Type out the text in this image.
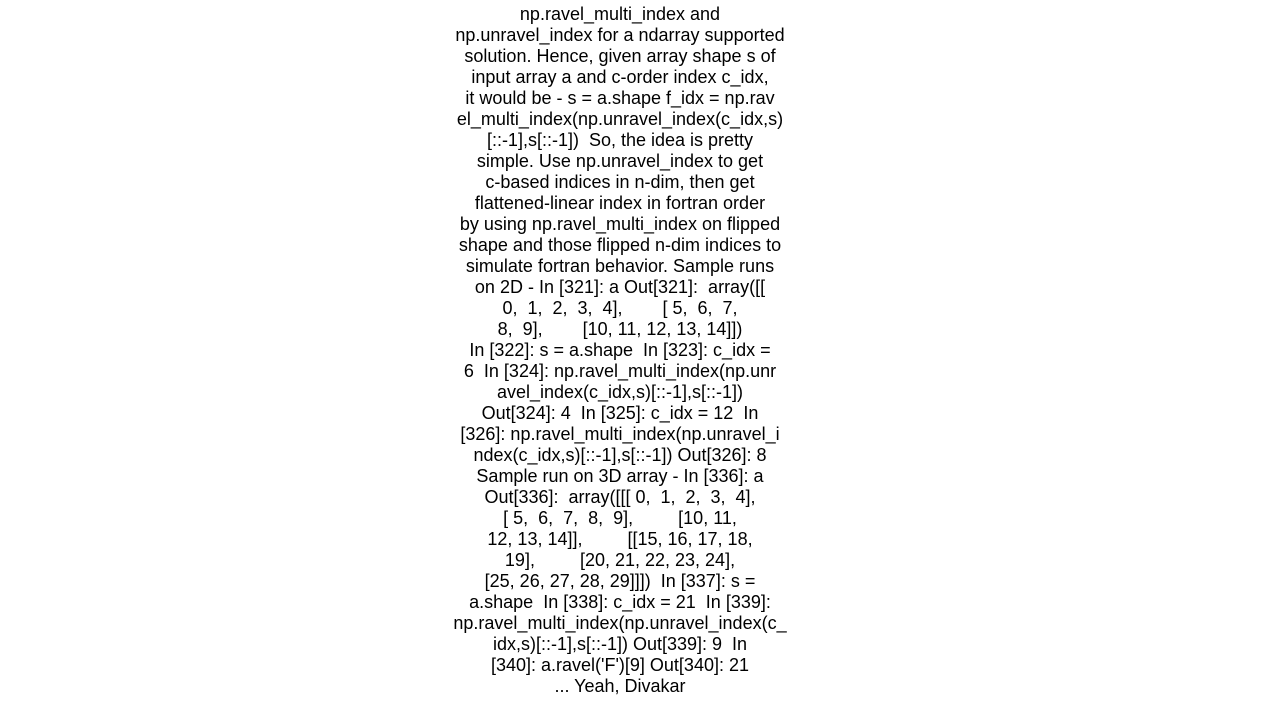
np.ravel_multi_index and
np.unravel_index for a ndarray supported
solution. Hence, given array shape s of
input array a and c-order index c_idx,
it would be - s = a.shape f_idx = np.rav
el_multi_index(np.unravel_index(c_idx,s)
[::-1],s[::-1])  So, the idea is pretty
simple. Use np.unravel_index to get
c-based indices in n-dim, then get
flattened-linear index in fortran order
by using np.ravel_multi_index on flipped
shape and those flipped n-dim indices to
simulate fortran behavior. Sample runs
on 2D - In [321]: a Out[321]:  array([[
0,  1,  2,  3,  4],        [ 5,  6,  7,
8,  9],        [10, 11, 12, 13, 14]])
In [322]: s = a.shape  In [323]: c_idx =
6  In [324]: np.ravel_multi_index(np.unr
avel_index(c_idx,s)[::-1],s[::-1])
Out[324]: 4  In [325]: c_idx = 12  In
[326]: np.ravel_multi_index(np.unravel_i
ndex(c_idx,s)[::-1],s[::-1]) Out[326]: 8
Sample run on 3D array - In [336]: a
Out[336]:  array([[[ 0,  1,  2,  3,  4],
[ 5,  6,  7,  8,  9],         [10, 11,
12, 13, 14]],         [[15, 16, 17, 18,
19],         [20, 21, 22, 23, 24],
[25, 26, 27, 28, 29]]])  In [337]: s =
a.shape  In [338]: c_idx = 21  In [339]:
np.ravel_multi_index(np.unravel_index(c_
idx,s)[::-1],s[::-1]) Out[339]: 9  In
[340]: a.ravel('F')[9] Out[340]: 21
... Yeah, Divakar
